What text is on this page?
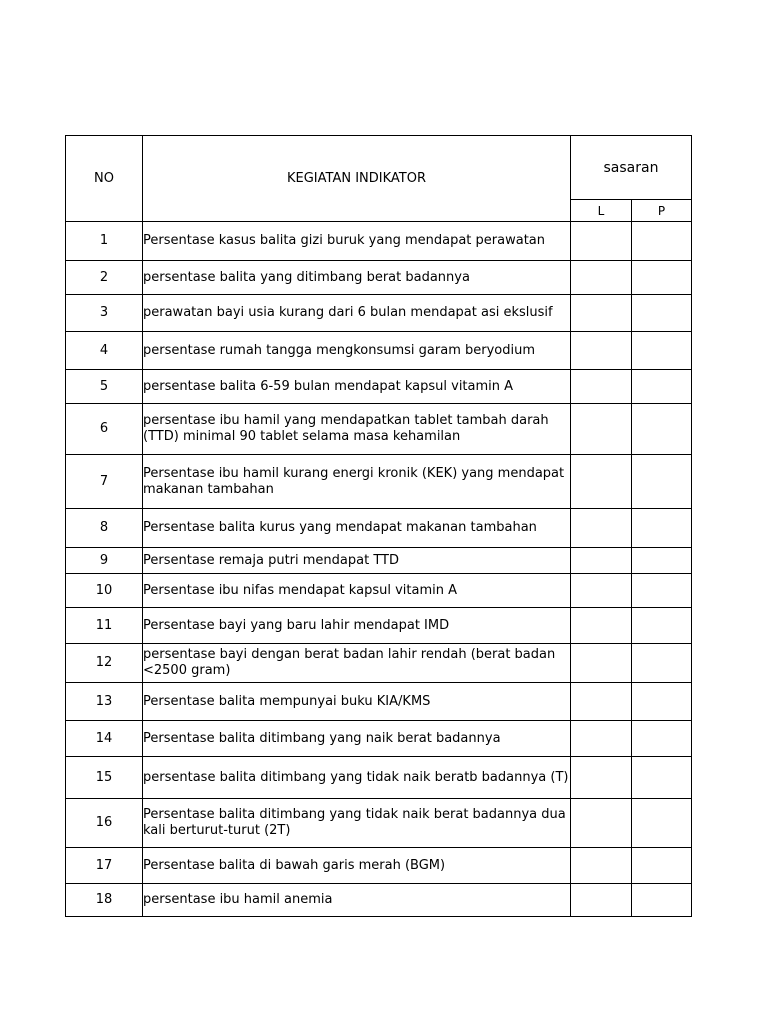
NO	KEGIATAN INDIKATOR	sasaran	
		L	P
1	Persentase kasus balita gizi buruk yang mendapat perawatan		
2	persentase balita yang ditimbang berat badannya		
3	perawatan bayi usia kurang dari 6 bulan mendapat asi ekslusif		
4	persentase rumah tangga mengkonsumsi garam beryodium		
5	persentase balita 6-59 bulan mendapat kapsul vitamin A		
6	persentase ibu hamil yang mendapatkan tablet tambah darah (TTD) minimal 90 tablet selama masa kehamilan		
7	Persentase ibu hamil kurang energi kronik (KEK) yang mendapat makanan tambahan		
8	Persentase balita kurus yang mendapat makanan tambahan		
9	Persentase remaja putri mendapat TTD		
10	Persentase ibu nifas mendapat kapsul vitamin A		
11	Persentase bayi yang baru lahir mendapat IMD		
12	persentase bayi dengan berat badan lahir rendah (berat badan <2500 gram)		
13	Persentase balita mempunyai buku KIA/KMS		
14	Persentase balita ditimbang yang naik berat badannya		
15	persentase balita ditimbang yang tidak naik beratb badannya (T)		
16	Persentase balita ditimbang yang tidak naik berat badannya dua kali berturut-turut (2T)		
17	Persentase balita di bawah garis merah (BGM)		
18	persentase ibu hamil anemia		
